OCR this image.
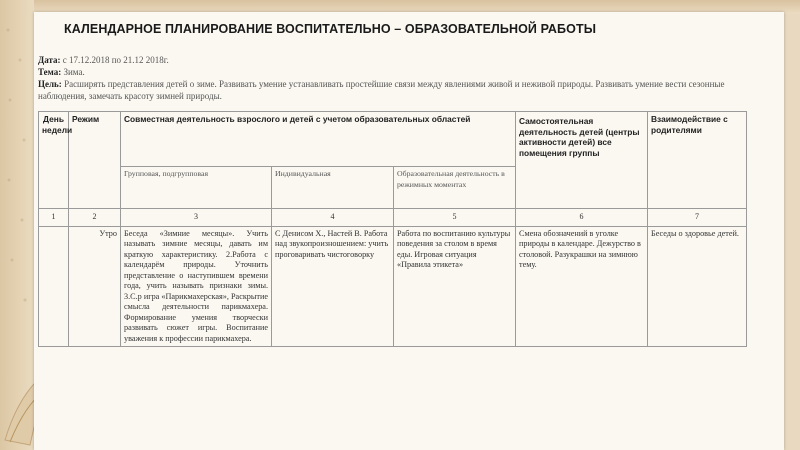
КАЛЕНДАРНОЕ ПЛАНИРОВАНИЕ ВОСПИТАТЕЛЬНО – ОБРАЗОВАТЕЛЬНОЙ РАБОТЫ
Дата: с 17.12.2018 по 21.12 2018г.
Тема: Зима.
Цель: Расширять представления детей о зиме. Развивать умение устанавливать простейшие связи между явлениями живой и неживой природы. Развивать умение вести сезонные наблюдения, замечать красоту зимней природы.
День недели	Режим	Совместная деятельность взрослого и детей с учетом образовательных областей			Самостоятельная деятельность детей (центры активности детей) все помещения группы	Взаимодействие с родителями
		Групповая, подгрупповая	Индивидуальная	Образовательная деятельность в режимных моментах		
1	2	3	4	5	6	7
	Утро	Беседа «Зимние месяцы». Учить называть зимние месяцы, давать им краткую характеристику. 2.Работа с календарём природы. Уточнить представление о наступившем времени года, учить называть признаки зимы. 3.С.р игра «Парикмахерская», Раскрытие смысла деятельности парикмахера. Формирование умения творчески развивать сюжет игры. Воспитание уважения к профессии парикмахера.	С Денисом Х., Настей В. Работа над звукопроизношением: учить проговаривать чистоговорку	Работа по воспитанию культуры поведения за столом в время еды. Игровая ситуация «Правила этикета»	Смена обозначений в уголке природы в календаре. Дежурство в столовой. Разукрашки на зимнюю тему.	Беседы о здоровье детей.
